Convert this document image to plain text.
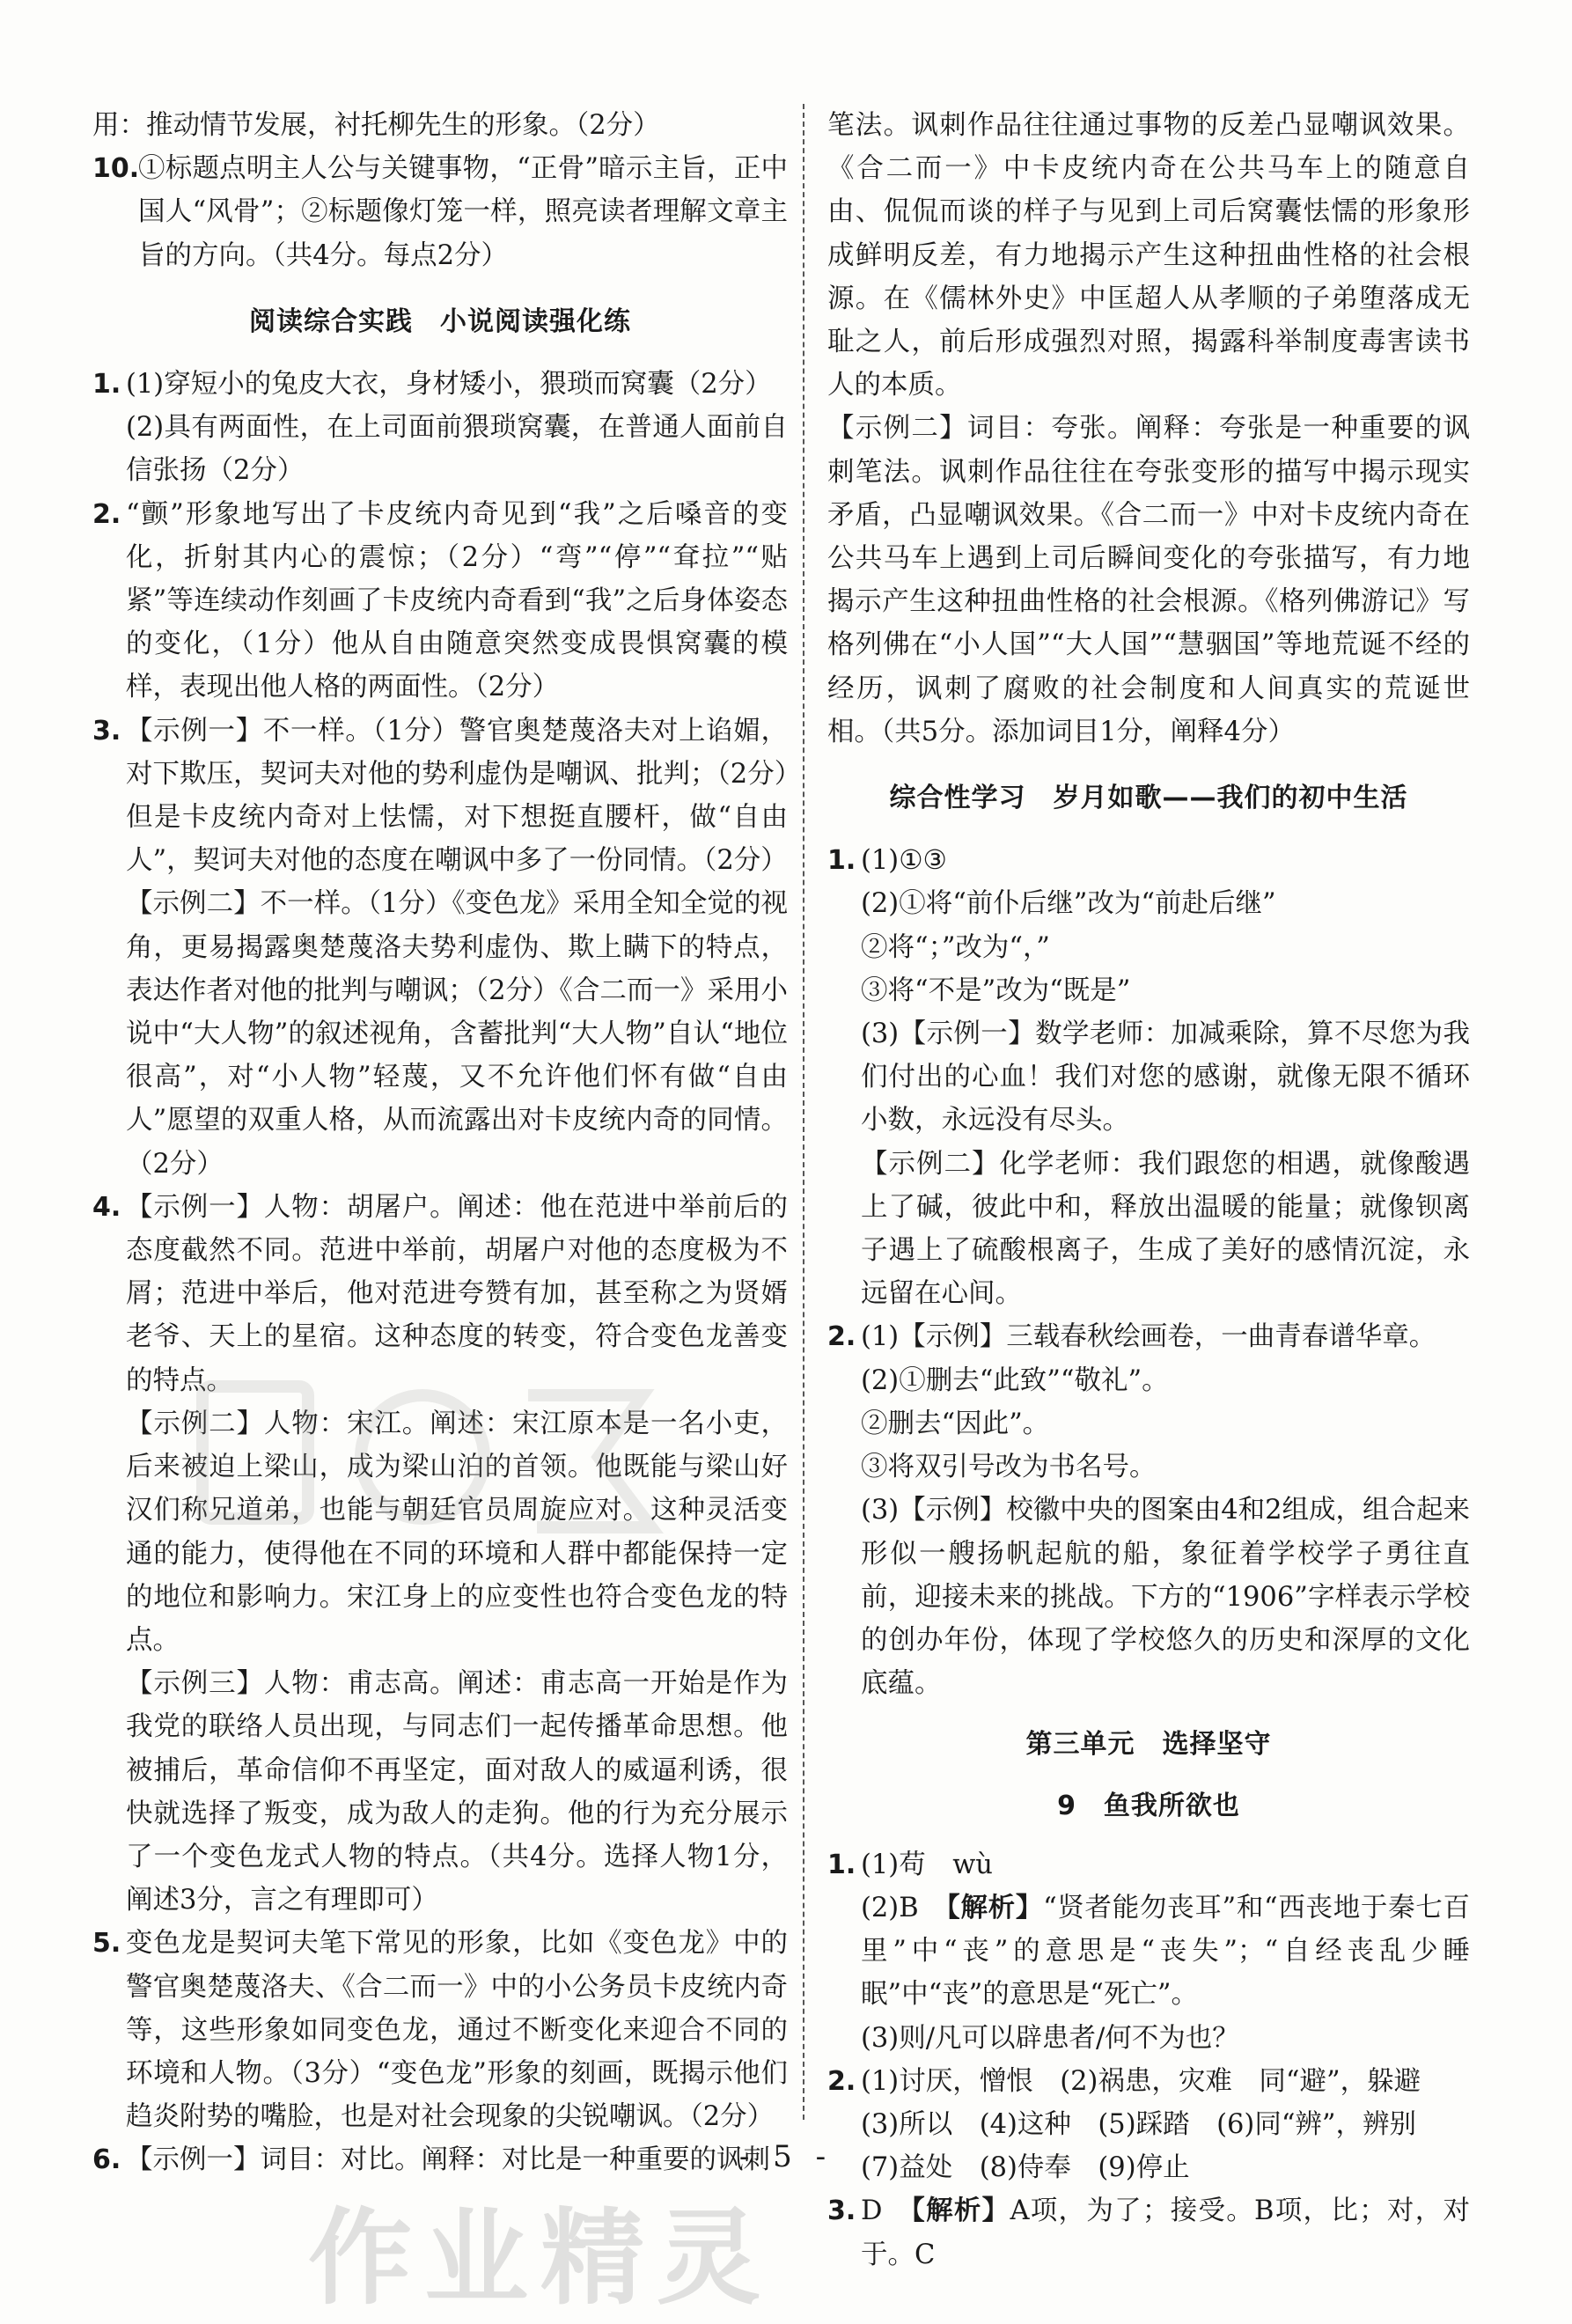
用：推动情节发展，衬托柳先生的形象。（2分）

10.
①标题点明主人公与关键事物，“正骨”暗示主旨，正中国人“风骨”；②标题像灯笼一样，照亮读者理解文章主旨的方向。（共4分。每点2分）
阅读综合实践　小说阅读强化练
1. (1)穿短小的兔皮大衣，身材矮小，猥琐而窝囊（2分）

(2)具有两面性，在上司面前猥琐窝囊，在普通人面前自信张扬（2分）

2. “颤”形象地写出了卡皮统内奇见到“我”之后嗓音的变化，折射其内心的震惊；（2分）“弯”“停”“耷拉”“贴紧”等连续动作刻画了卡皮统内奇看到“我”之后身体姿态的变化，（1分）他从自由随意突然变成畏惧窝囊的模样，表现出他人格的两面性。（2分）
3. 【示例一】不一样。（1分）警官奥楚蔑洛夫对上谄媚，对下欺压，契诃夫对他的势利虚伪是嘲讽、批判；（2分）但是卡皮统内奇对上怯懦，对下想挺直腰杆，做“自由人”，契诃夫对他的态度在嘲讽中多了一份同情。（2分）

【示例二】不一样。（1分）《变色龙》采用全知全觉的视角，更易揭露奥楚蔑洛夫势利虚伪、欺上瞒下的特点，表达作者对他的批判与嘲讽；（2分）《合二而一》采用小说中“大人物”的叙述视角，含蓄批判“大人物”自认“地位很高”，对“小人物”轻蔑，又不允许他们怀有做“自由人”愿望的双重人格，从而流露出对卡皮统内奇的同情。（2分）

4. 【示例一】人物：胡屠户。阐述：他在范进中举前后的态度截然不同。范进中举前，胡屠户对他的态度极为不屑；范进中举后，他对范进夸赞有加，甚至称之为贤婿老爷、天上的星宿。这种态度的转变，符合变色龙善变的特点。

【示例二】人物：宋江。阐述：宋江原本是一名小吏，后来被迫上梁山，成为梁山泊的首领。他既能与梁山好汉们称兄道弟，也能与朝廷官员周旋应对。这种灵活变通的能力，使得他在不同的环境和人群中都能保持一定的地位和影响力。宋江身上的应变性也符合变色龙的特点。

【示例三】人物：甫志高。阐述：甫志高一开始是作为我党的联络人员出现，与同志们一起传播革命思想。他被捕后，革命信仰不再坚定，面对敌人的威逼利诱，很快就选择了叛变，成为敌人的走狗。他的行为充分展示了一个变色龙式人物的特点。（共4分。选择人物1分，阐述3分，言之有理即可）

5. 变色龙是契诃夫笔下常见的形象，比如《变色龙》中的警官奥楚蔑洛夫、《合二而一》中的小公务员卡皮统内奇等，这些形象如同变色龙，通过不断变化来迎合不同的环境和人物。（3分）“变色龙”形象的刻画，既揭示他们趋炎附势的嘴脸，也是对社会现象的尖锐嘲讽。（2分）
6. 【示例一】词目：对比。阐释：对比是一种重要的讽刺

笔法。讽刺作品往往通过事物的反差凸显嘲讽效果。《合二而一》中卡皮统内奇在公共马车上的随意自由、侃侃而谈的样子与见到上司后窝囊怯懦的形象形成鲜明反差，有力地揭示产生这种扭曲性格的社会根源。在《儒林外史》中匡超人从孝顺的子弟堕落成无耻之人，前后形成强烈对照，揭露科举制度毒害读书人的本质。

【示例二】词目：夸张。阐释：夸张是一种重要的讽刺笔法。讽刺作品往往在夸张变形的描写中揭示现实矛盾，凸显嘲讽效果。《合二而一》中对卡皮统内奇在公共马车上遇到上司后瞬间变化的夸张描写，有力地揭示产生这种扭曲性格的社会根源。《格列佛游记》写格列佛在“小人国”“大人国”“慧骃国”等地荒诞不经的经历，讽刺了腐败的社会制度和人间真实的荒诞世相。（共5分。添加词目1分，阐释4分）

综合性学习　岁月如歌——我们的初中生活
1. (1)①③

(2)①将“前仆后继”改为“前赴后继”

②将“；”改为“，”

③将“不是”改为“既是”

(3)【示例一】数学老师：加减乘除，算不尽您为我们付出的心血！我们对您的感谢，就像无限不循环小数，永远没有尽头。

【示例二】化学老师：我们跟您的相遇，就像酸遇上了碱，彼此中和，释放出温暖的能量；就像钡离子遇上了硫酸根离子，生成了美好的感情沉淀，永远留在心间。

2. (1)【示例】三载春秋绘画卷，一曲青春谱华章。

(2)①删去“此致”“敬礼”。

②删去“因此”。

③将双引号改为书名号。

(3)【示例】校徽中央的图案由4和2组成，组合起来形似一艘扬帆起航的船，象征着学校学子勇往直前，迎接未来的挑战。下方的“1906”字样表示学校的创办年份，体现了学校悠久的历史和深厚的文化底蕴。

第三单元　选择坚守
9　鱼我所欲也
1. (1)苟　wù

(2)B　【解析】“贤者能勿丧耳”和“西丧地于秦七百里”中“丧”的意思是“丧失”；“自经丧乱少睡眠”中“丧”的意思是“死亡”。

(3)则/凡可以辟患者/何不为也？

2. (1)讨厌，憎恨　(2)祸患，灾难　同“避”，躲避

(3)所以　(4)这种　(5)踩踏　(6)同“辨”，辨别

(7)益处　(8)侍奉　(9)停止

3. D　【解析】A项，为了；接受。B项，比；对，对于。C
- 5 -
作业精灵
